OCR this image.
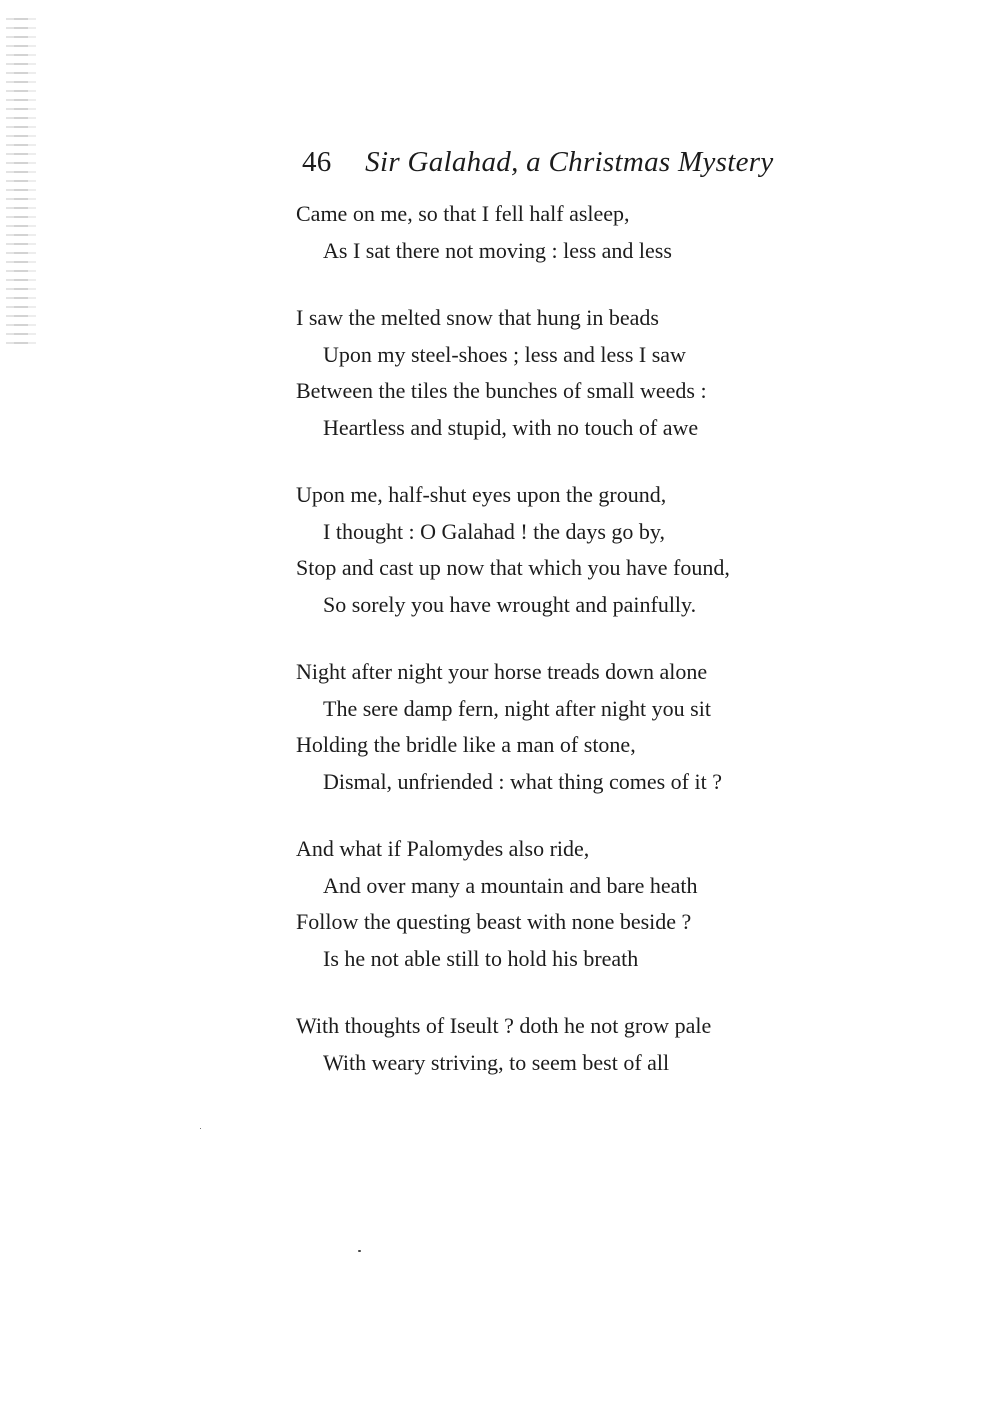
46 Sir Galahad, a Christmas Mystery
Came on me, so that I fell half asleep,
As I sat there not moving : less and less
I saw the melted snow that hung in beads
Upon my steel-shoes ; less and less I saw
Between the tiles the bunches of small weeds :
Heartless and stupid, with no touch of awe
Upon me, half-shut eyes upon the ground,
I thought : O Galahad ! the days go by,
Stop and cast up now that which you have found,
So sorely you have wrought and painfully.
Night after night your horse treads down alone
The sere damp fern, night after night you sit
Holding the bridle like a man of stone,
Dismal, unfriended : what thing comes of it ?
And what if Palomydes also ride,
And over many a mountain and bare heath
Follow the questing beast with none beside ?
Is he not able still to hold his breath
With thoughts of Iseult ? doth he not grow pale
With weary striving, to seem best of all
